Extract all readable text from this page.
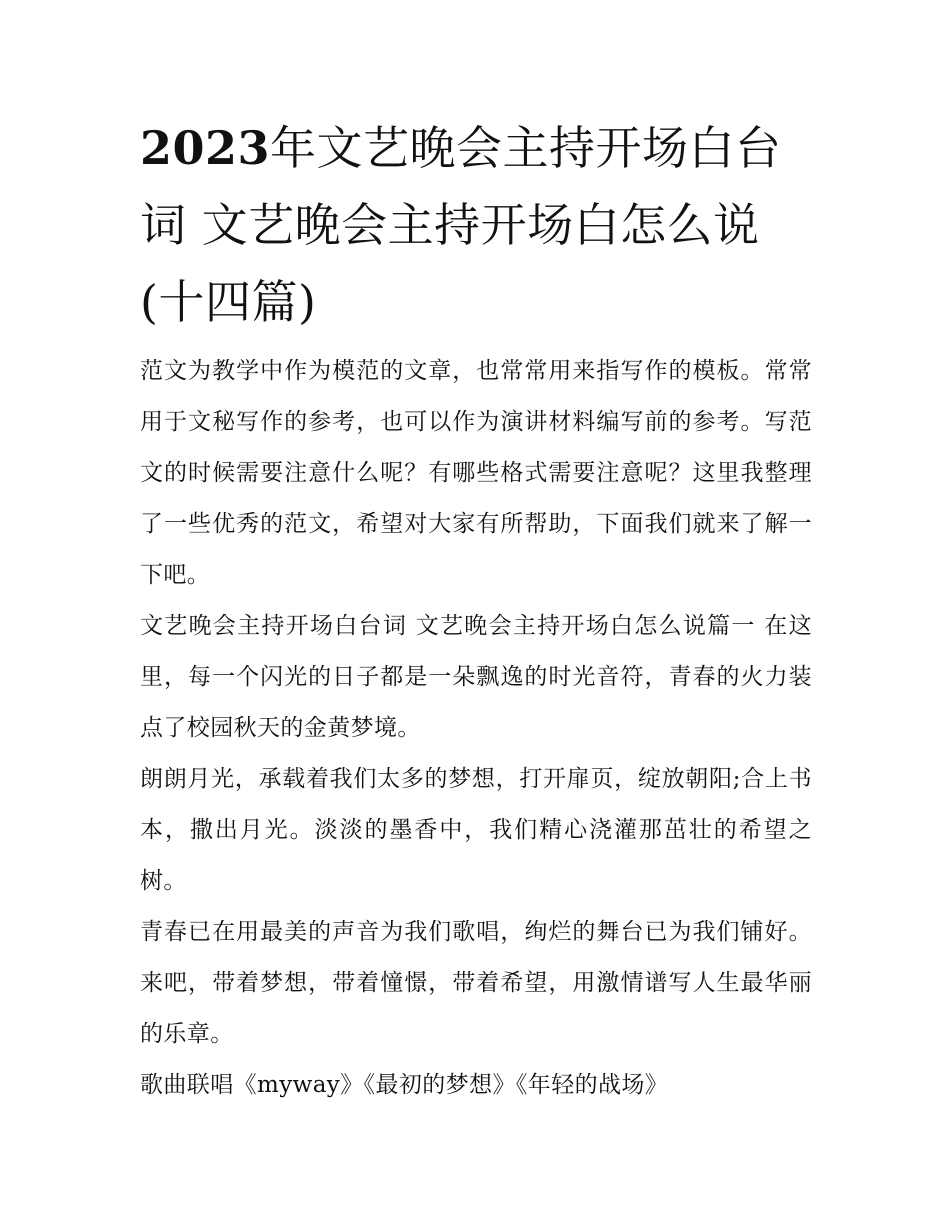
2023年文艺晚会主持开场白台词 文艺晚会主持开场白怎么说(十四篇)

范文为教学中作为模范的文章，也常常用来指写作的模板。常常用于文秘写作的参考，也可以作为演讲材料编写前的参考。写范文的时候需要注意什么呢？有哪些格式需要注意呢？这里我整理了一些优秀的范文，希望对大家有所帮助，下面我们就来了解一下吧。

文艺晚会主持开场白台词 文艺晚会主持开场白怎么说篇一 在这里，每一个闪光的日子都是一朵飘逸的时光音符，青春的火力装点了校园秋天的金黄梦境。

朗朗月光，承载着我们太多的梦想，打开扉页，绽放朝阳;合上书本，撒出月光。淡淡的墨香中，我们精心浇灌那茁壮的希望之树。

青春已在用最美的声音为我们歌唱，绚烂的舞台已为我们铺好。来吧，带着梦想，带着憧憬，带着希望，用激情谱写人生最华丽的乐章。

歌曲联唱《myway》《最初的梦想》《年轻的战场》
